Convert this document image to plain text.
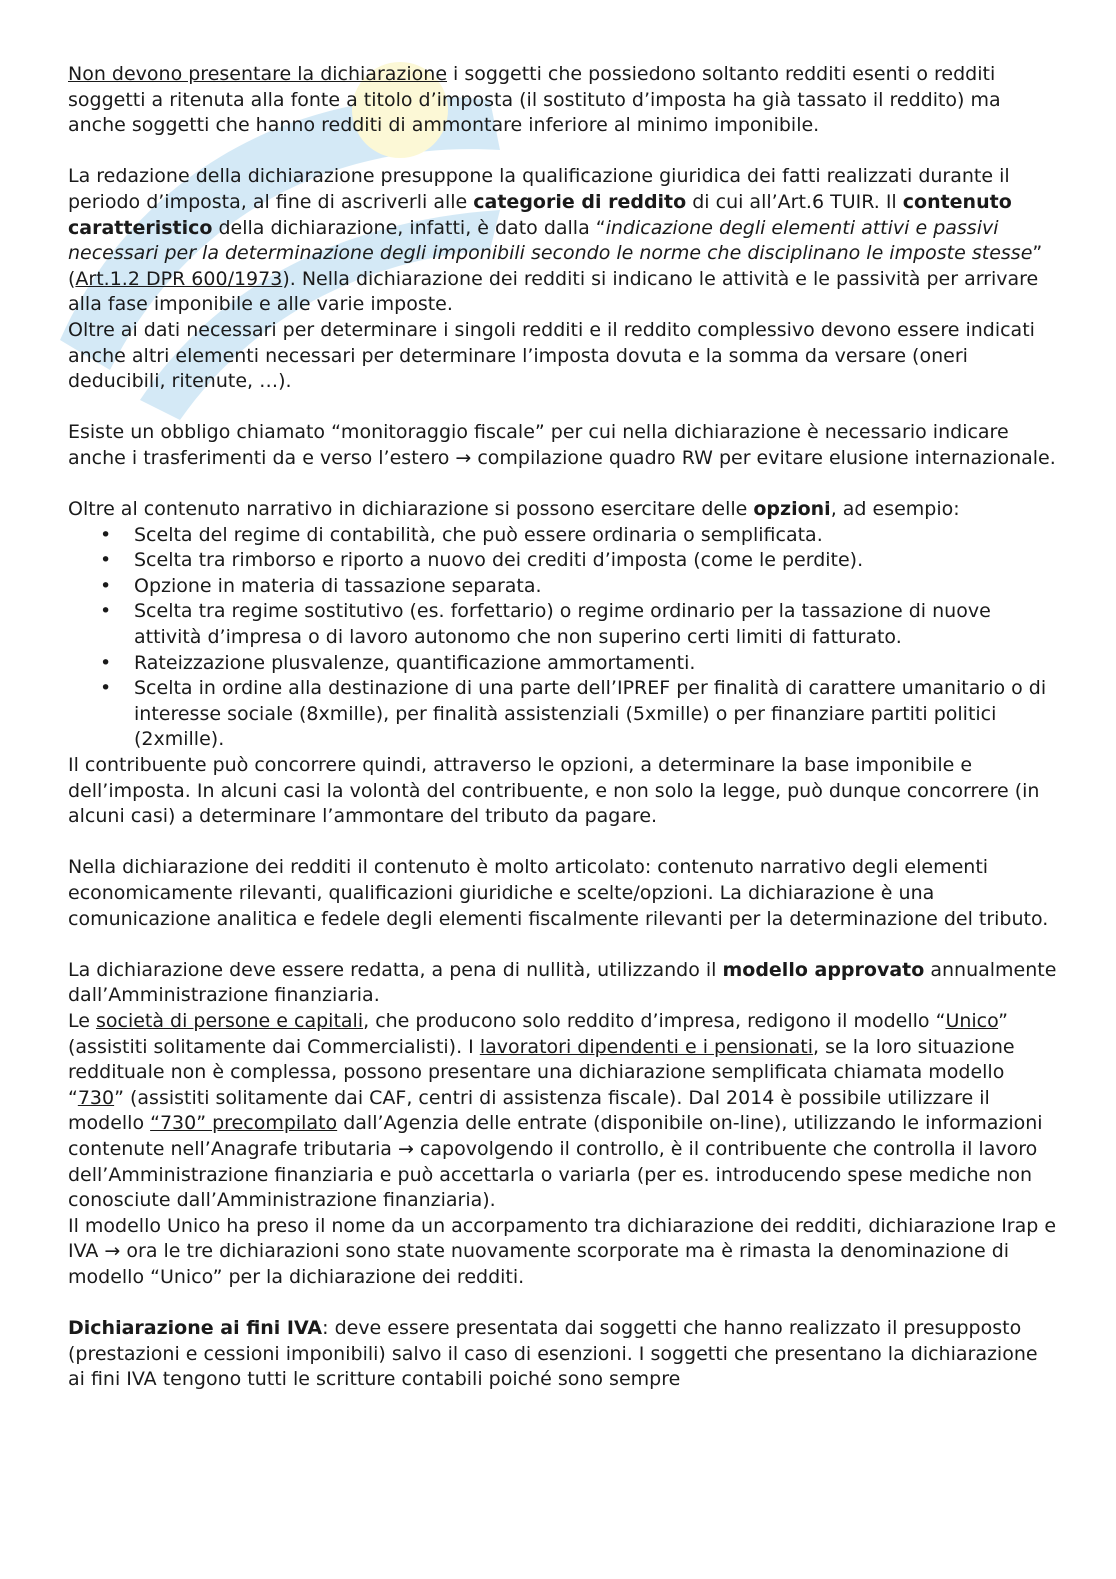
Non devono presentare la dichiarazione i soggetti che possiedono soltanto redditi esenti o redditi soggetti a ritenuta alla fonte a titolo d’imposta (il sostituto d’imposta ha già tassato il reddito) ma anche soggetti che hanno redditi di ammontare inferiore al minimo imponibile.

La redazione della dichiarazione presuppone la qualificazione giuridica dei fatti realizzati durante il periodo d’imposta, al fine di ascriverli alle categorie di reddito di cui all’Art.6 TUIR. Il contenuto caratteristico della dichiarazione, infatti, è dato dalla “indicazione degli elementi attivi e passivi necessari per la determinazione degli imponibili secondo le norme che disciplinano le imposte stesse” (Art.1.2 DPR 600/1973). Nella dichiarazione dei redditi si indicano le attività e le passività per arrivare alla fase imponibile e alle varie imposte.

Oltre ai dati necessari per determinare i singoli redditi e il reddito complessivo devono essere indicati anche altri elementi necessari per determinare l’imposta dovuta e la somma da versare (oneri deducibili, ritenute, …).

Esiste un obbligo chiamato “monitoraggio fiscale” per cui nella dichiarazione è necessario indicare anche i trasferimenti da e verso l’estero → compilazione quadro RW per evitare elusione internazionale.

Oltre al contenuto narrativo in dichiarazione si possono esercitare delle opzioni, ad esempio:

• Scelta del regime di contabilità, che può essere ordinaria o semplificata.
• Scelta tra rimborso e riporto a nuovo dei crediti d’imposta (come le perdite).
• Opzione in materia di tassazione separata.
• Scelta tra regime sostitutivo (es. forfettario) o regime ordinario per la tassazione di nuove attività d’impresa o di lavoro autonomo che non superino certi limiti di fatturato.
• Rateizzazione plusvalenze, quantificazione ammortamenti.
• Scelta in ordine alla destinazione di una parte dell’IPREF per finalità di carattere umanitario o di interesse sociale (8xmille), per finalità assistenziali (5xmille) o per finanziare partiti politici (2xmille).

Il contribuente può concorrere quindi, attraverso le opzioni, a determinare la base imponibile e dell’imposta. In alcuni casi la volontà del contribuente, e non solo la legge, può dunque concorrere (in alcuni casi) a determinare l’ammontare del tributo da pagare.

Nella dichiarazione dei redditi il contenuto è molto articolato: contenuto narrativo degli elementi economicamente rilevanti, qualificazioni giuridiche e scelte/opzioni. La dichiarazione è una comunicazione analitica e fedele degli elementi fiscalmente rilevanti per la determinazione del tributo.

La dichiarazione deve essere redatta, a pena di nullità, utilizzando il modello approvato annualmente dall’Amministrazione finanziaria.

Le società di persone e capitali, che producono solo reddito d’impresa, redigono il modello “Unico” (assistiti solitamente dai Commercialisti). I lavoratori dipendenti e i pensionati, se la loro situazione reddituale non è complessa, possono presentare una dichiarazione semplificata chiamata modello “730” (assistiti solitamente dai CAF, centri di assistenza fiscale). Dal 2014 è possibile utilizzare il modello “730” precompilato dall’Agenzia delle entrate (disponibile on-line), utilizzando le informazioni contenute nell’Anagrafe tributaria → capovolgendo il controllo, è il contribuente che controlla il lavoro dell’Amministrazione finanziaria e può accettarla o variarla (per es. introducendo spese mediche non conosciute dall’Amministrazione finanziaria).

Il modello Unico ha preso il nome da un accorpamento tra dichiarazione dei redditi, dichiarazione Irap e IVA → ora le tre dichiarazioni sono state nuovamente scorporate ma è rimasta la denominazione di modello “Unico” per la dichiarazione dei redditi.

Dichiarazione ai fini IVA: deve essere presentata dai soggetti che hanno realizzato il presupposto (prestazioni e cessioni imponibili) salvo il caso di esenzioni. I soggetti che presentano la dichiarazione ai fini IVA tengono tutti le scritture contabili poiché sono sempre
